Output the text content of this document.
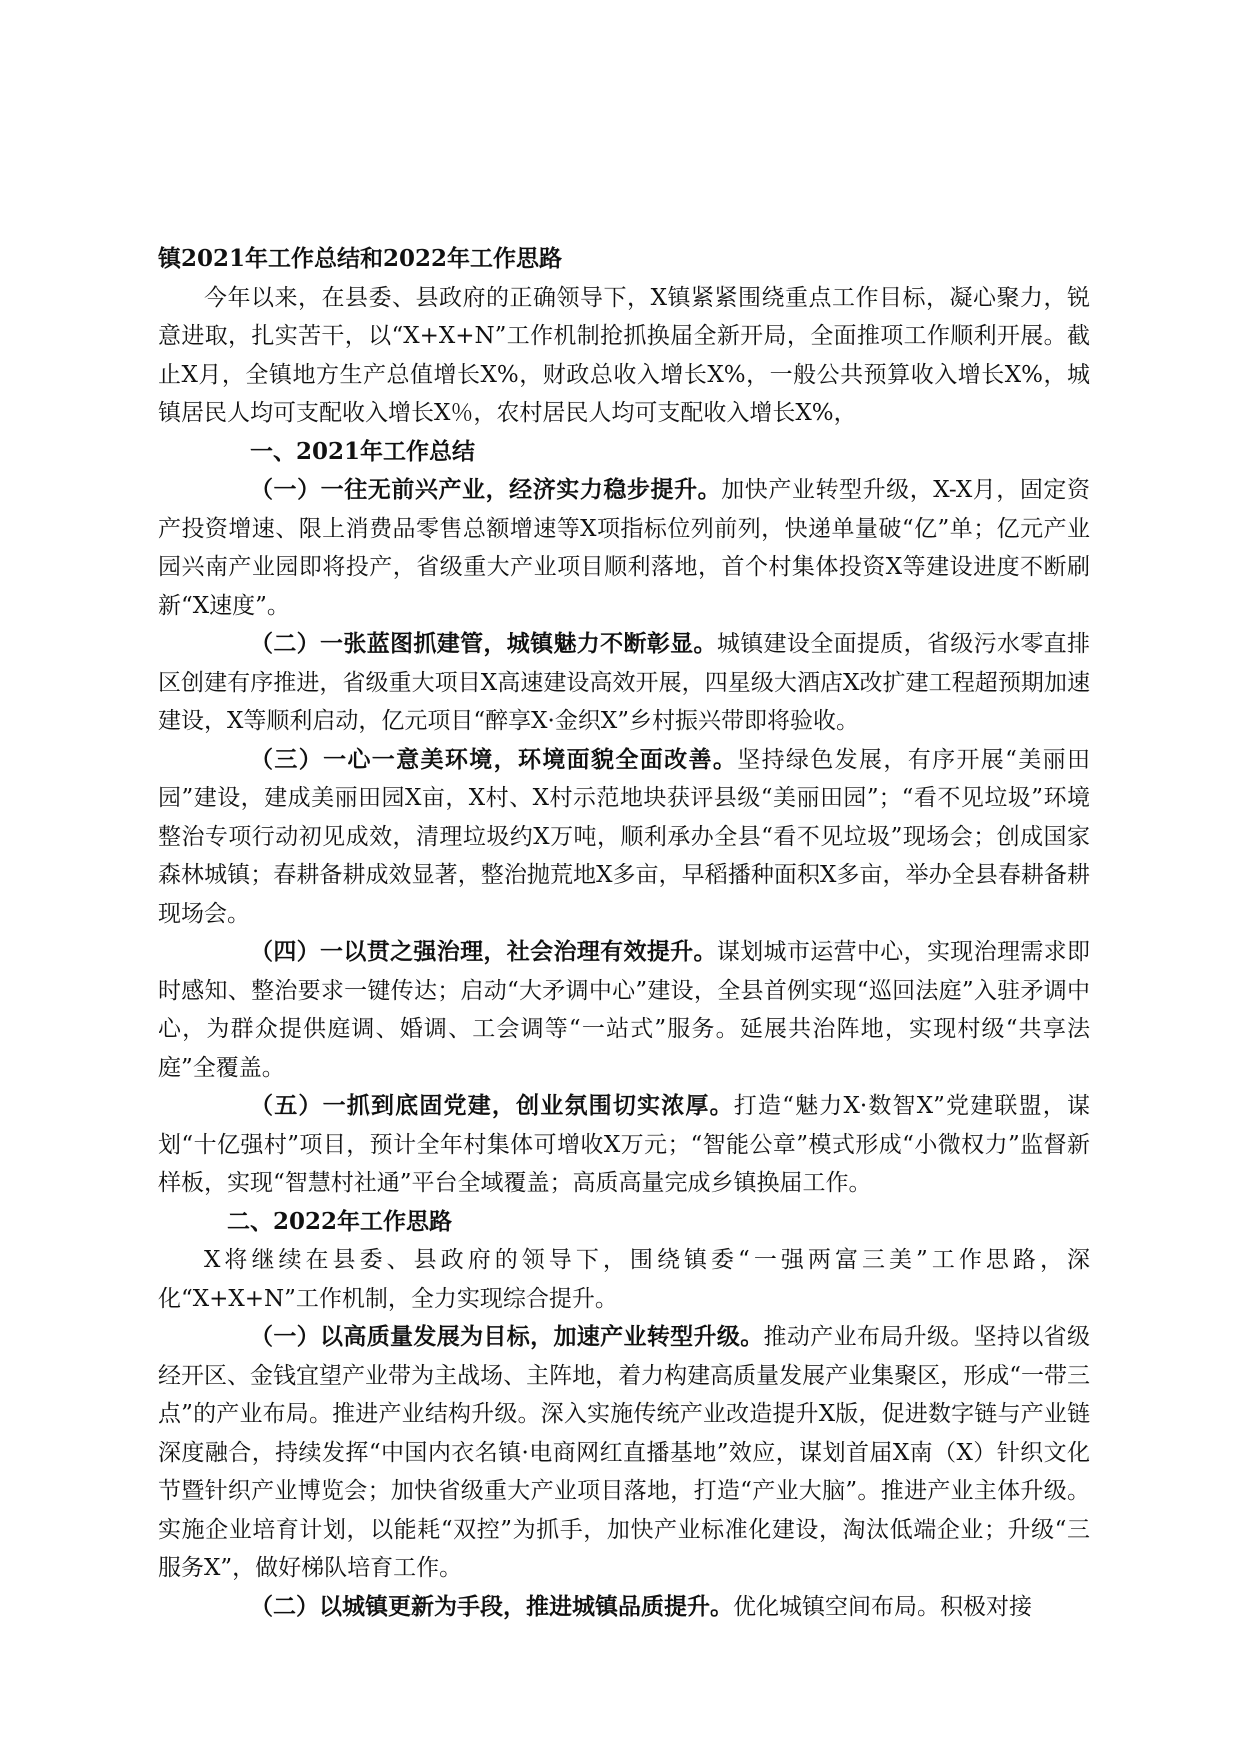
镇2021年工作总结和2022年工作思路

今年以来，在县委、县政府的正确领导下，X镇紧紧围绕重点工作目标，凝心聚力，锐意进取，扎实苦干，以“X+X+N”工作机制抢抓换届全新开局，全面推项工作顺利开展。截止X月，全镇地方生产总值增长X%，财政总收入增长X%，一般公共预算收入增长X%，城镇居民人均可支配收入增长X％，农村居民人均可支配收入增长X%，

一、2021年工作总结

（一）一往无前兴产业，经济实力稳步提升。加快产业转型升级，X-X月，固定资产投资增速、限上消费品零售总额增速等X项指标位列前列，快递单量破“亿”单；亿元产业园兴南产业园即将投产，省级重大产业项目顺利落地，首个村集体投资X等建设进度不断刷新“X速度”。

（二）一张蓝图抓建管，城镇魅力不断彰显。城镇建设全面提质，省级污水零直排区创建有序推进，省级重大项目X高速建设高效开展，四星级大酒店X改扩建工程超预期加速建设，X等顺利启动，亿元项目“醉享X·金织X”乡村振兴带即将验收。

（三）一心一意美环境，环境面貌全面改善。坚持绿色发展，有序开展“美丽田园”建设，建成美丽田园X亩，X村、X村示范地块获评县级“美丽田园”；“看不见垃圾”环境整治专项行动初见成效，清理垃圾约X万吨，顺利承办全县“看不见垃圾”现场会；创成国家森林城镇；春耕备耕成效显著，整治抛荒地X多亩，早稻播种面积X多亩，举办全县春耕备耕现场会。

（四）一以贯之强治理，社会治理有效提升。谋划城市运营中心，实现治理需求即时感知、整治要求一键传达；启动“大矛调中心”建设，全县首例实现“巡回法庭”入驻矛调中心，为群众提供庭调、婚调、工会调等“一站式”服务。延展共治阵地，实现村级“共享法庭”全覆盖。

（五）一抓到底固党建，创业氛围切实浓厚。打造“魅力X·数智X”党建联盟，谋划“十亿强村”项目，预计全年村集体可增收X万元；“智能公章”模式形成“小微权力”监督新样板，实现“智慧村社通”平台全域覆盖；高质高量完成乡镇换届工作。

二、2022年工作思路

X将继续在县委、县政府的领导下，围绕镇委“一强两富三美”工作思路，深化“X+X+N”工作机制，全力实现综合提升。

（一）以高质量发展为目标，加速产业转型升级。推动产业布局升级。坚持以省级经开区、金钱宜望产业带为主战场、主阵地，着力构建高质量发展产业集聚区，形成“一带三点”的产业布局。推进产业结构升级。深入实施传统产业改造提升X版，促进数字链与产业链深度融合，持续发挥“中国内衣名镇·电商网红直播基地”效应，谋划首届X南（X）针织文化节暨针织产业博览会；加快省级重大产业项目落地，打造“产业大脑”。推进产业主体升级。实施企业培育计划，以能耗“双控”为抓手，加快产业标准化建设，淘汰低端企业；升级“三服务X”，做好梯队培育工作。

（二）以城镇更新为手段，推进城镇品质提升。优化城镇空间布局。积极对接
